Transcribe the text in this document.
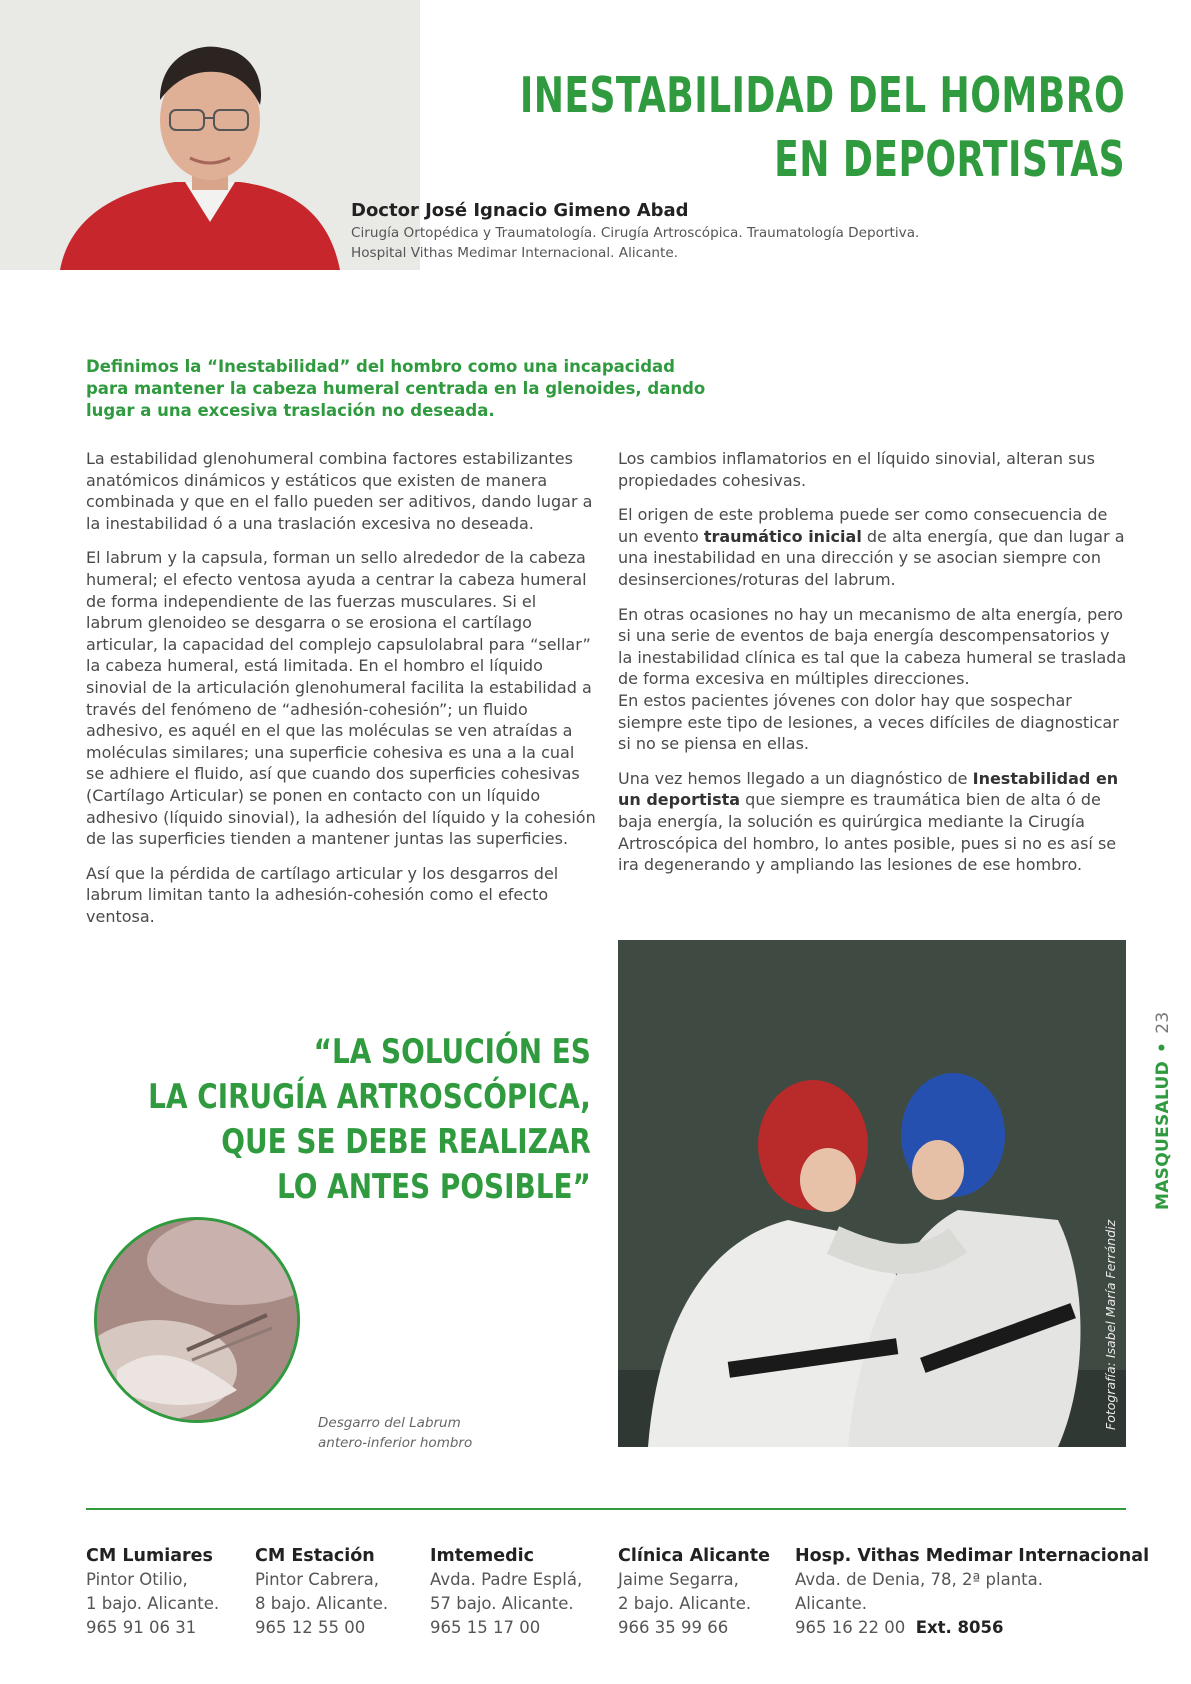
INESTABILIDAD DEL HOMBRO
EN DEPORTISTAS
Doctor José Ignacio Gimeno Abad
Cirugía Ortopédica y Traumatología. Cirugía Artroscópica. Traumatología Deportiva.
Hospital Vithas Medimar Internacional. Alicante.
Definimos la “Inestabilidad” del hombro como una incapacidad para mantener la cabeza humeral centrada en la glenoides, dando lugar a una excesiva traslación no deseada.

La estabilidad glenohumeral combina factores estabilizantes anatómicos dinámicos y estáticos que existen de manera combinada y que en el fallo pueden ser aditivos, dando lugar a la inestabilidad ó a una traslación excesiva no deseada.

El labrum y la capsula, forman un sello alrededor de la cabeza humeral; el efecto ventosa ayuda a centrar la cabeza humeral de forma independiente de las fuerzas musculares. Si el labrum glenoideo se desgarra o se erosiona el cartílago articular, la capacidad del complejo capsulolabral para “sellar” la cabeza humeral, está limitada. En el hombro el líquido sinovial de la articulación glenohumeral facilita la estabilidad a través del fenómeno de “adhesión-cohesión”; un fluido adhesivo, es aquél en el que las moléculas se ven atraídas a moléculas similares; una superficie cohesiva es una a la cual se adhiere el fluido, así que cuando dos superficies cohesivas (Cartílago Articular) se ponen en contacto con un líquido adhesivo (líquido sinovial), la adhesión del líquido y la cohesión de las superficies tienden a mantener juntas las superficies.

Así que la pérdida de cartílago articular y los desgarros del labrum limitan tanto la adhesión-cohesión como el efecto ventosa.

Los cambios inflamatorios en el líquido sinovial, alteran sus propiedades cohesivas.

El origen de este problema puede ser como consecuencia de un evento traumático inicial de alta energía, que dan lugar a una inestabilidad en una dirección y se asocian siempre con desinserciones/roturas del labrum.

En otras ocasiones no hay un mecanismo de alta energía, pero si una serie de eventos de baja energía descompensatorios y la inestabilidad clínica es tal que la cabeza humeral se traslada de forma excesiva en múltiples direcciones.

En estos pacientes jóvenes con dolor hay que sospechar siempre este tipo de lesiones, a veces difíciles de diagnosticar si no se piensa en ellas.

Una vez hemos llegado a un diagnóstico de Inestabilidad en un deportista que siempre es traumática bien de alta ó de baja energía, la solución es quirúrgica mediante la Cirugía Artroscópica del hombro, lo antes posible, pues si no es así se ira degenerando y ampliando las lesiones de ese hombro.

“LA SOLUCIÓN ES
LA CIRUGÍA ARTROSCÓPICA,
QUE SE DEBE REALIZAR
LO ANTES POSIBLE”
Desgarro del Labrum
antero-inferior hombro
Fotografía: Isabel María Ferrándiz
MASQUESALUD•23
CM Lumiares
Pintor Otilio,
1 bajo. Alicante.
965 91 06 31
CM Estación
Pintor Cabrera,
8 bajo. Alicante.
965 12 55 00
Imtemedic
Avda. Padre Esplá,
57 bajo. Alicante.
965 15 17 00
Clínica Alicante
Jaime Segarra,
2 bajo. Alicante.
966 35 99 66
Hosp. Vithas Medimar Internacional
Avda. de Denia, 78, 2ª planta.
Alicante.
965 16 22 00 Ext. 8056
